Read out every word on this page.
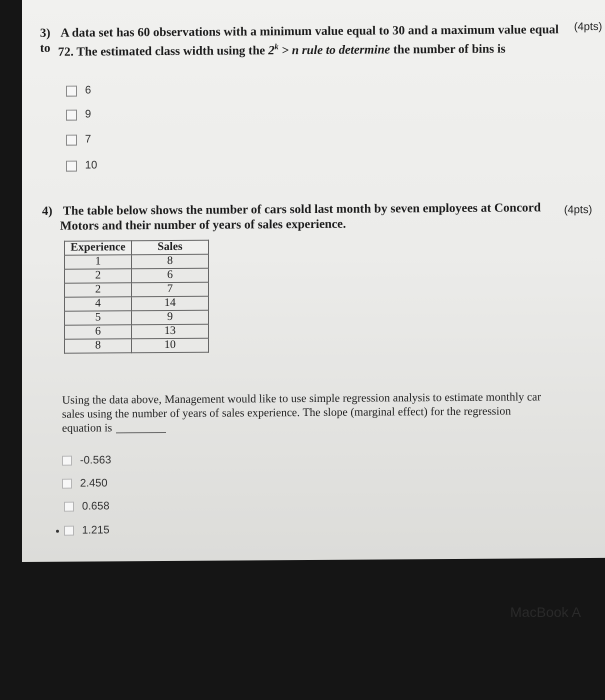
3) A data set has 60 observations with a minimum value equal to 30 and a maximum value equal to
(4pts)
72. The estimated class width using the $2^k > n$ rule to determine the number of bins is
6
9
7
10
4) The table below shows the number of cars sold last month by seven employees at Concord	(4pts)
Motors and their number of years of sales experience.
Experience	Sales
1	8
2	6
2	7
4	14
5	9
6	13
8	10
Using the data above, Management would like to use simple regression analysis to estimate monthly car sales using the number of years of sales experience. The slope (marginal effect) for the regression equation is
-0.563
2.450
0.658
1.215
MacBook A
